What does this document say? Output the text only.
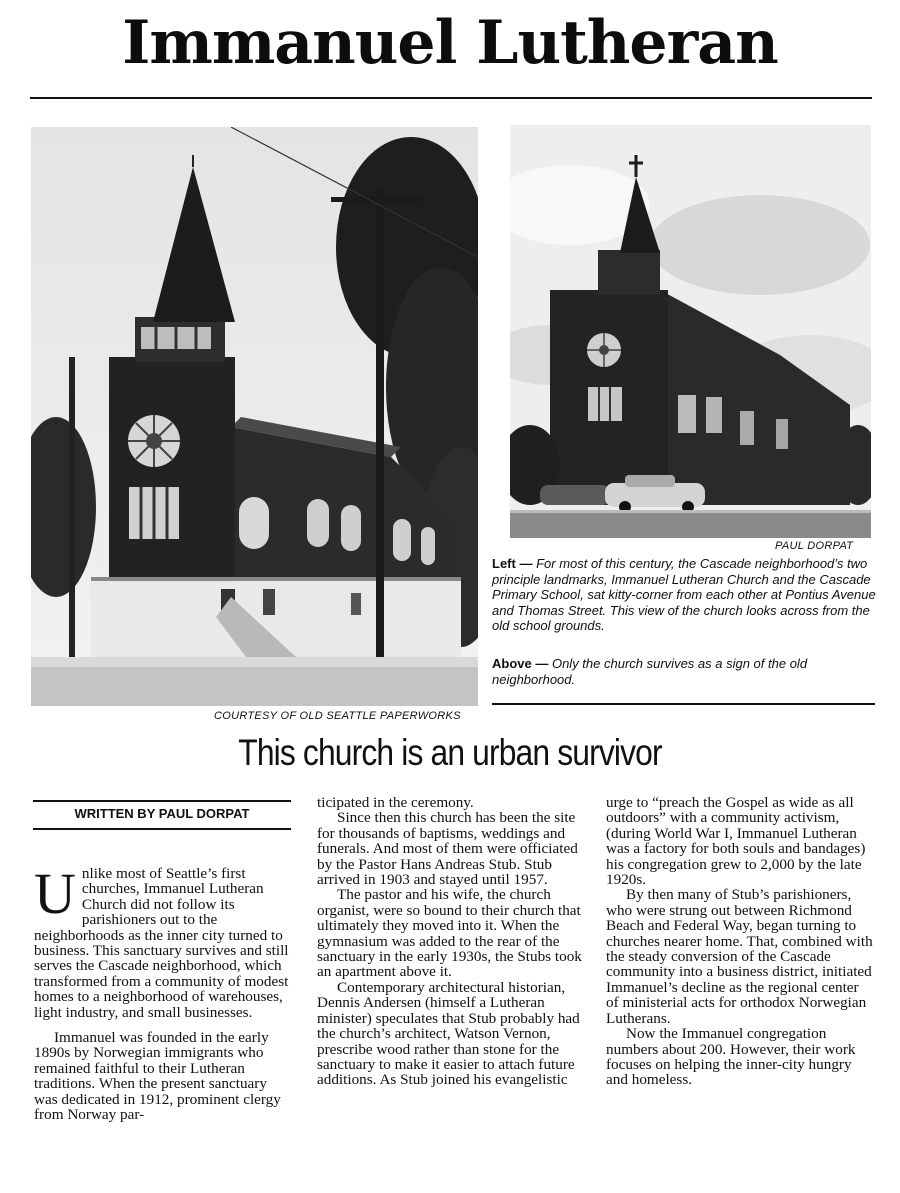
Immanuel Lutheran
COURTESY OF OLD SEATTLE PAPERWORKS
PAUL DORPAT
Left — For most of this century, the Cascade neighborhood’s two principle landmarks, Immanuel Lutheran Church and the Cascade Primary School, sat kitty-corner from each other at Pontius Avenue and Thomas Street. This view of the church looks across from the old school grounds.
Above — Only the church survives as a sign of the old neighborhood.
This church is an urban survivor
WRITTEN BY PAUL DORPAT

U nlike most of Seattle’s first churches, Immanuel Lutheran Church did not follow its parishioners out to the neighborhoods as the inner city turned to business. This sanctuary survives and still serves the Cascade neighborhood, which transformed from a community of modest homes to a neighborhood of warehouses, light industry, and small businesses.

Immanuel was founded in the early 1890s by Norwegian immigrants who remained faithful to their Lutheran traditions. When the present sanctuary was dedicated in 1912, prominent clergy from Norway par-

ticipated in the ceremony.

Since then this church has been the site for thousands of baptisms, weddings and funerals. And most of them were officiated by the Pastor Hans Andreas Stub. Stub arrived in 1903 and stayed until 1957.

The pastor and his wife, the church organist, were so bound to their church that ultimately they moved into it. When the gymnasium was added to the rear of the sanctuary in the early 1930s, the Stubs took an apartment above it.

Contemporary architectural historian, Dennis Andersen (himself a Lutheran minister) speculates that Stub probably had the church’s architect, Watson Vernon, prescribe wood rather than stone for the sanctuary to make it easier to attach future additions. As Stub joined his evangelistic

urge to “preach the Gospel as wide as all outdoors” with a community activism, (during World War I, Immanuel Lutheran was a factory for both souls and bandages) his congregation grew to 2,000 by the late 1920s.

By then many of Stub’s parishioners, who were strung out between Richmond Beach and Federal Way, began turning to churches nearer home. That, combined with the steady conversion of the Cascade community into a business district, initiated Immanuel’s decline as the regional center of ministerial acts for orthodox Norwegian Lutherans.

Now the Immanuel congregation numbers about 200. However, their work focuses on helping the inner-city hungry and homeless.
